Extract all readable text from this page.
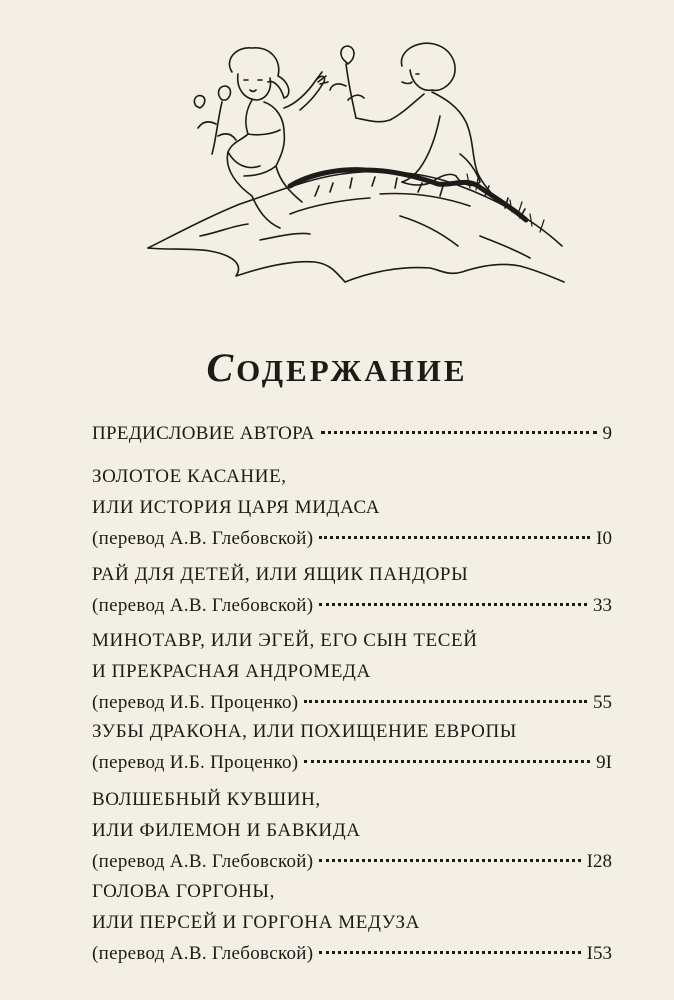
СОДЕРЖАНИЕ
ПРЕДИСЛОВИЕ АВТОРА	9
ЗОЛОТОЕ КАСАНИЕ,
ИЛИ ИСТОРИЯ ЦАРЯ МИДАСА
(перевод А.В. Глебовской)	I0
РАЙ ДЛЯ ДЕТЕЙ, ИЛИ ЯЩИК ПАНДОРЫ
(перевод А.В. Глебовской)	33
МИНОТАВР, ИЛИ ЭГЕЙ, ЕГО СЫН ТЕСЕЙ
И ПРЕКРАСНАЯ АНДРОМЕДА
(перевод И.Б. Проценко)	55
ЗУБЫ ДРАКОНА, ИЛИ ПОХИЩЕНИЕ ЕВРОПЫ
(перевод И.Б. Проценко)	9I
ВОЛШЕБНЫЙ КУВШИН,
ИЛИ ФИЛЕМОН И БАВКИДА
(перевод А.В. Глебовской)	I28
ГОЛОВА ГОРГОНЫ,
ИЛИ ПЕРСЕЙ И ГОРГОНА МЕДУЗА
(перевод А.В. Глебовской)	I53
